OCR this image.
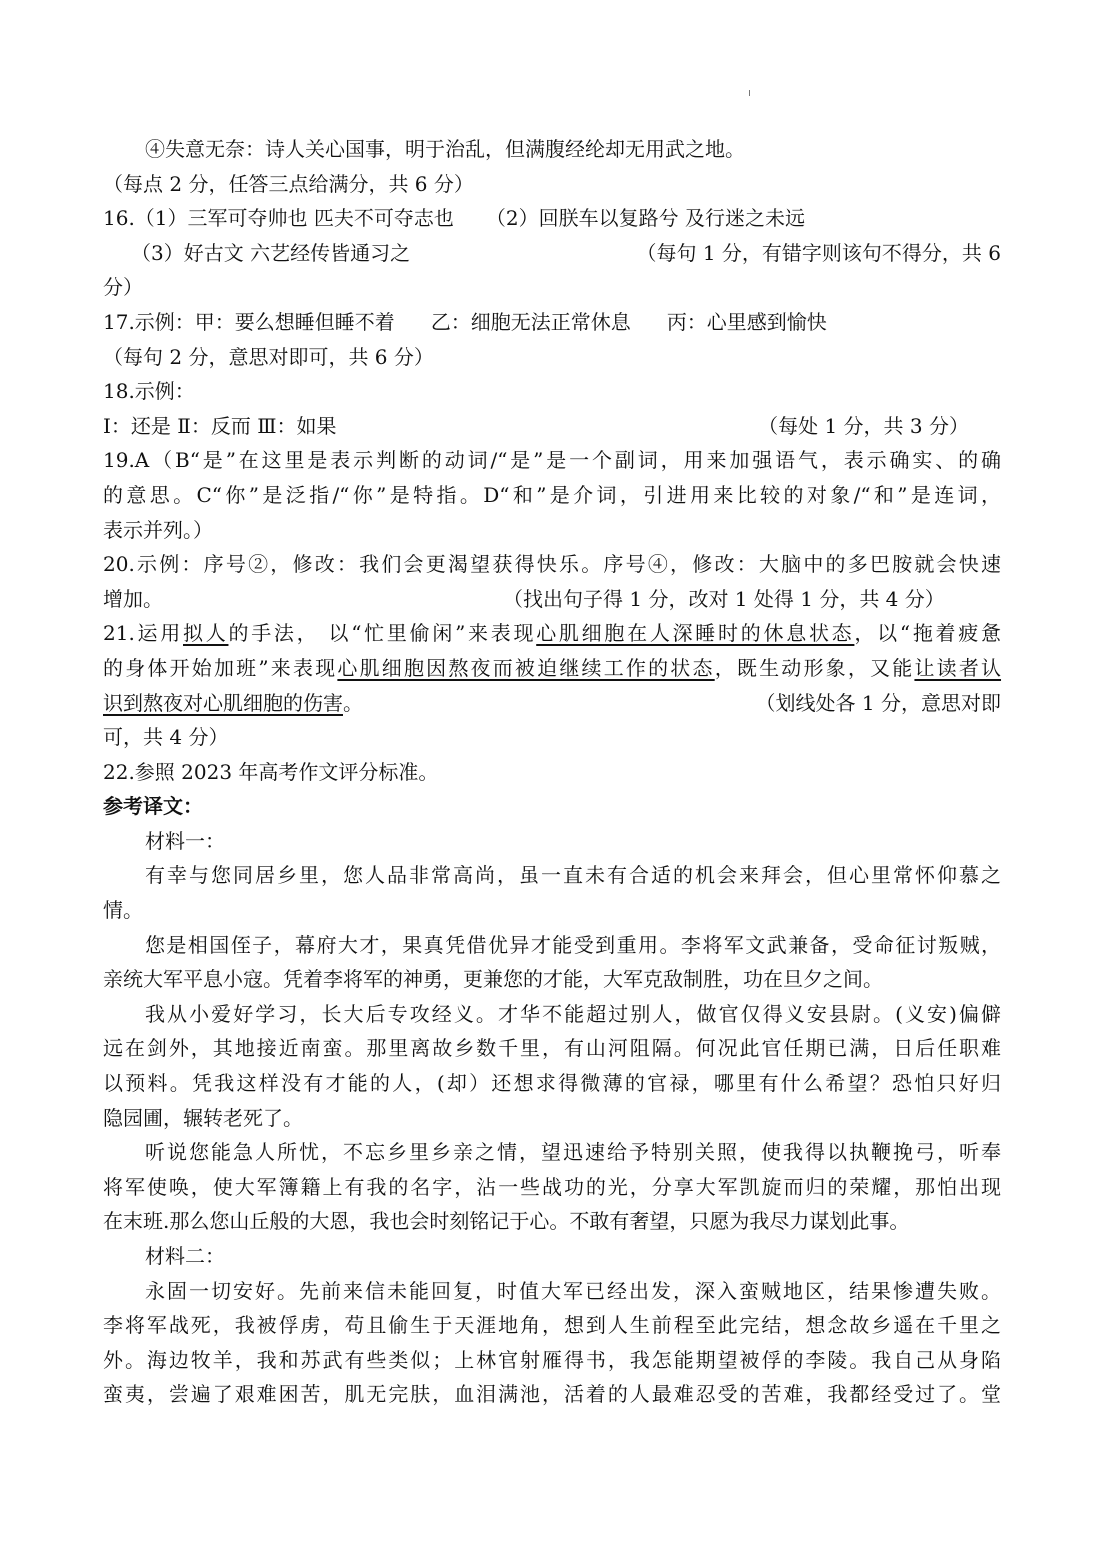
④失意无奈：诗人关心国事，明于治乱，但满腹经纶却无用武之地。
（每点 2 分，任答三点给满分，共 6 分）
16.（1）三军可夺帅也 匹夫不可夺志也 （2）回朕车以复路兮 及行迷之未远
（3）好古文 六艺经传皆通习之	（每句 1 分，有错字则该句不得分，共 6
分）
17.示例：甲：要么想睡但睡不着 乙：细胞无法正常休息 丙：心里感到愉快
（每句 2 分，意思对即可，共 6 分）
18.示例：
Ⅰ：还是 Ⅱ：反而 Ⅲ：如果	（每处 1 分，共 3 分）
19.A（B“是”在这里是表示判断的动词/“是”是一个副词，用来加强语气，表示确实、的确
的意思。C“你”是泛指/“你”是特指。D“和”是介词，引进用来比较的对象/“和”是连词，
表示并列。）
20.示例：序号②，修改：我们会更渴望获得快乐。序号④，修改：大脑中的多巴胺就会快速
增加。	（找出句子得 1 分，改对 1 处得 1 分，共 4 分）
21.运用拟人的手法， 以“忙里偷闲”来表现心肌细胞在人深睡时的休息状态，以“拖着疲惫
的身体开始加班”来表现心肌细胞因熬夜而被迫继续工作的状态，既生动形象，又能让读者认
识到熬夜对心肌细胞的伤害。	（划线处各 1 分，意思对即
可，共 4 分）
22.参照 2023 年高考作文评分标准。
参考译文：
材料一：
有幸与您同居乡里，您人品非常高尚，虽一直未有合适的机会来拜会，但心里常怀仰慕之
情。
您是相国侄子，幕府大才，果真凭借优异才能受到重用。李将军文武兼备，受命征讨叛贼，
亲统大军平息小寇。凭着李将军的神勇，更兼您的才能，大军克敌制胜，功在旦夕之间。
我从小爱好学习，长大后专攻经义。才华不能超过别人，做官仅得义安县尉。(义安)偏僻
远在剑外，其地接近南蛮。那里离故乡数千里，有山河阻隔。何况此官任期已满，日后任职难
以预料。凭我这样没有才能的人，(却）还想求得微薄的官禄，哪里有什么希望？恐怕只好归
隐园圃，辗转老死了。
听说您能急人所忧，不忘乡里乡亲之情，望迅速给予特别关照，使我得以执鞭挽弓，听奉
将军使唤，使大军簿籍上有我的名字，沾一些战功的光，分享大军凯旋而归的荣耀，那怕出现
在末班.那么您山丘般的大恩，我也会时刻铭记于心。不敢有奢望，只愿为我尽力谋划此事。
材料二：
永固一切安好。先前来信未能回复，时值大军已经出发，深入蛮贼地区，结果惨遭失败。
李将军战死，我被俘虏，苟且偷生于天涯地角，想到人生前程至此完结，想念故乡遥在千里之
外。海边牧羊，我和苏武有些类似；上林官射雁得书，我怎能期望被俘的李陵。我自己从身陷
蛮夷，尝遍了艰难困苦，肌无完肤，血泪满池，活着的人最难忍受的苦难，我都经受过了。堂
